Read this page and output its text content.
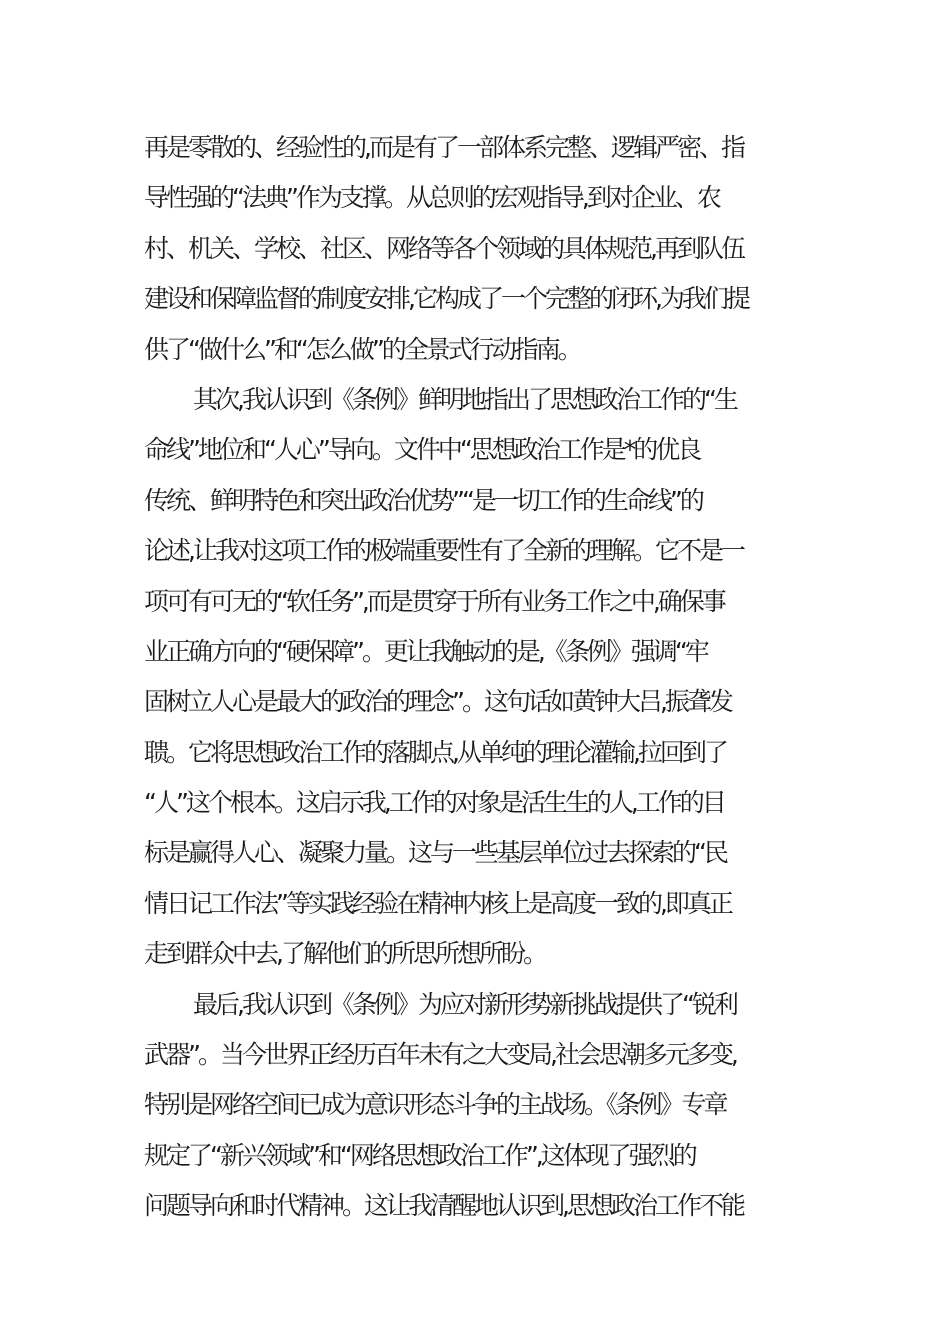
再是零散的、经验性的,而是有了一部体系完整、逻辑严密、指
导性强的“法典”作为支撑。从总则的宏观指导,到对企业、农
村、机关、学校、社区、网络等各个领域的具体规范,再到队伍
建设和保障监督的制度安排,它构成了一个完整的闭环,为我们提
供了“做什么”和“怎么做”的全景式行动指南。
其次,我认识到《条例》鲜明地指出了思想政治工作的“生
命线”地位和“人心”导向。文件中“思想政治工作是*的优良
传统、鲜明特色和突出政治优势”“是一切工作的生命线”的
论述,让我对这项工作的极端重要性有了全新的理解。它不是一
项可有可无的“软任务”,而是贯穿于所有业务工作之中,确保事
业正确方向的“硬保障”。更让我触动的是,《条例》强调“牢
固树立人心是最大的政治的理念”。这句话如黄钟大吕,振聋发
聩。它将思想政治工作的落脚点,从单纯的理论灌输,拉回到了
“人”这个根本。这启示我,工作的对象是活生生的人,工作的目
标是赢得人心、凝聚力量。这与一些基层单位过去探索的“民
情日记工作法”等实践经验在精神内核上是高度一致的,即真正
走到群众中去,了解他们的所思所想所盼。
最后,我认识到《条例》为应对新形势新挑战提供了“锐利
武器”。当今世界正经历百年未有之大变局,社会思潮多元多变,
特别是网络空间已成为意识形态斗争的主战场。《条例》专章
规定了“新兴领域”和“网络思想政治工作”,这体现了强烈的
问题导向和时代精神。这让我清醒地认识到,思想政治工作不能
